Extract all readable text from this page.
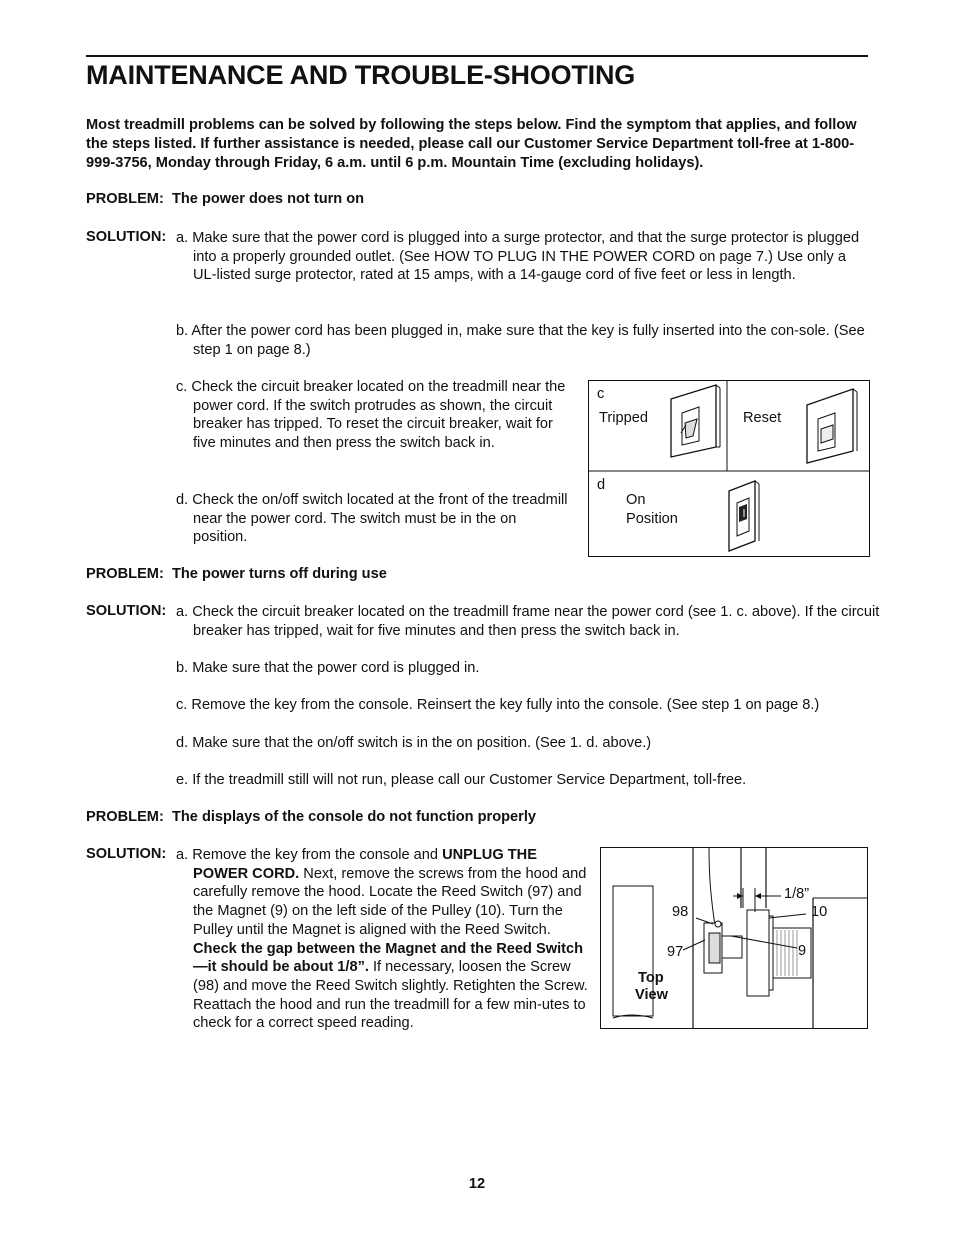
MAINTENANCE AND TROUBLE-SHOOTING
Most treadmill problems can be solved by following the steps below. Find the symptom that applies, and follow the steps listed. If further assistance is needed, please call our Customer Service Department toll-free at 1-800-999-3756, Monday through Friday, 6 a.m. until 6 p.m. Mountain Time (excluding holidays).
PROBLEM: The power does not turn on
SOLUTION: a. Make sure that the power cord is plugged into a surge protector, and that the surge protector is plugged into a properly grounded outlet. (See HOW TO PLUG IN THE POWER CORD on page 7.) Use only a UL-listed surge protector, rated at 15 amps, with a 14-gauge cord of five feet or less in length.
b. After the power cord has been plugged in, make sure that the key is fully inserted into the con-sole. (See step 1 on page 8.)
c. Check the circuit breaker located on the treadmill near the power cord. If the switch protrudes as shown, the circuit breaker has tripped. To reset the circuit breaker, wait for five minutes and then press the switch back in.
d. Check the on/off switch located at the front of the treadmill near the power cord. The switch must be in the on position.
c
Tripped	Reset
d
On
Position
PROBLEM: The power turns off during use
SOLUTION: a. Check the circuit breaker located on the treadmill frame near the power cord (see 1. c. above). If the circuit breaker has tripped, wait for five minutes and then press the switch back in.
b. Make sure that the power cord is plugged in.
c. Remove the key from the console. Reinsert the key fully into the console. (See step 1 on page 8.)
d. Make sure that the on/off switch is in the on position. (See 1. d. above.)
e. If the treadmill still will not run, please call our Customer Service Department, toll-free.
PROBLEM: The displays of the console do not function properly
SOLUTION: a. Remove the key from the console and UNPLUG THE POWER CORD. Next, remove the screws from the hood and carefully remove the hood. Locate the Reed Switch (97) and the Magnet (9) on the left side of the Pulley (10). Turn the Pulley until the Magnet is aligned with the Reed Switch. Check the gap between the Magnet and the Reed Switch—it should be about 1/8”. If necessary, loosen the Screw (98) and move the Reed Switch slightly. Retighten the Screw. Reattach the hood and run the treadmill for a few min-utes to check for a correct speed reading.
1/8”
98	10
97	9
Top
View
12
